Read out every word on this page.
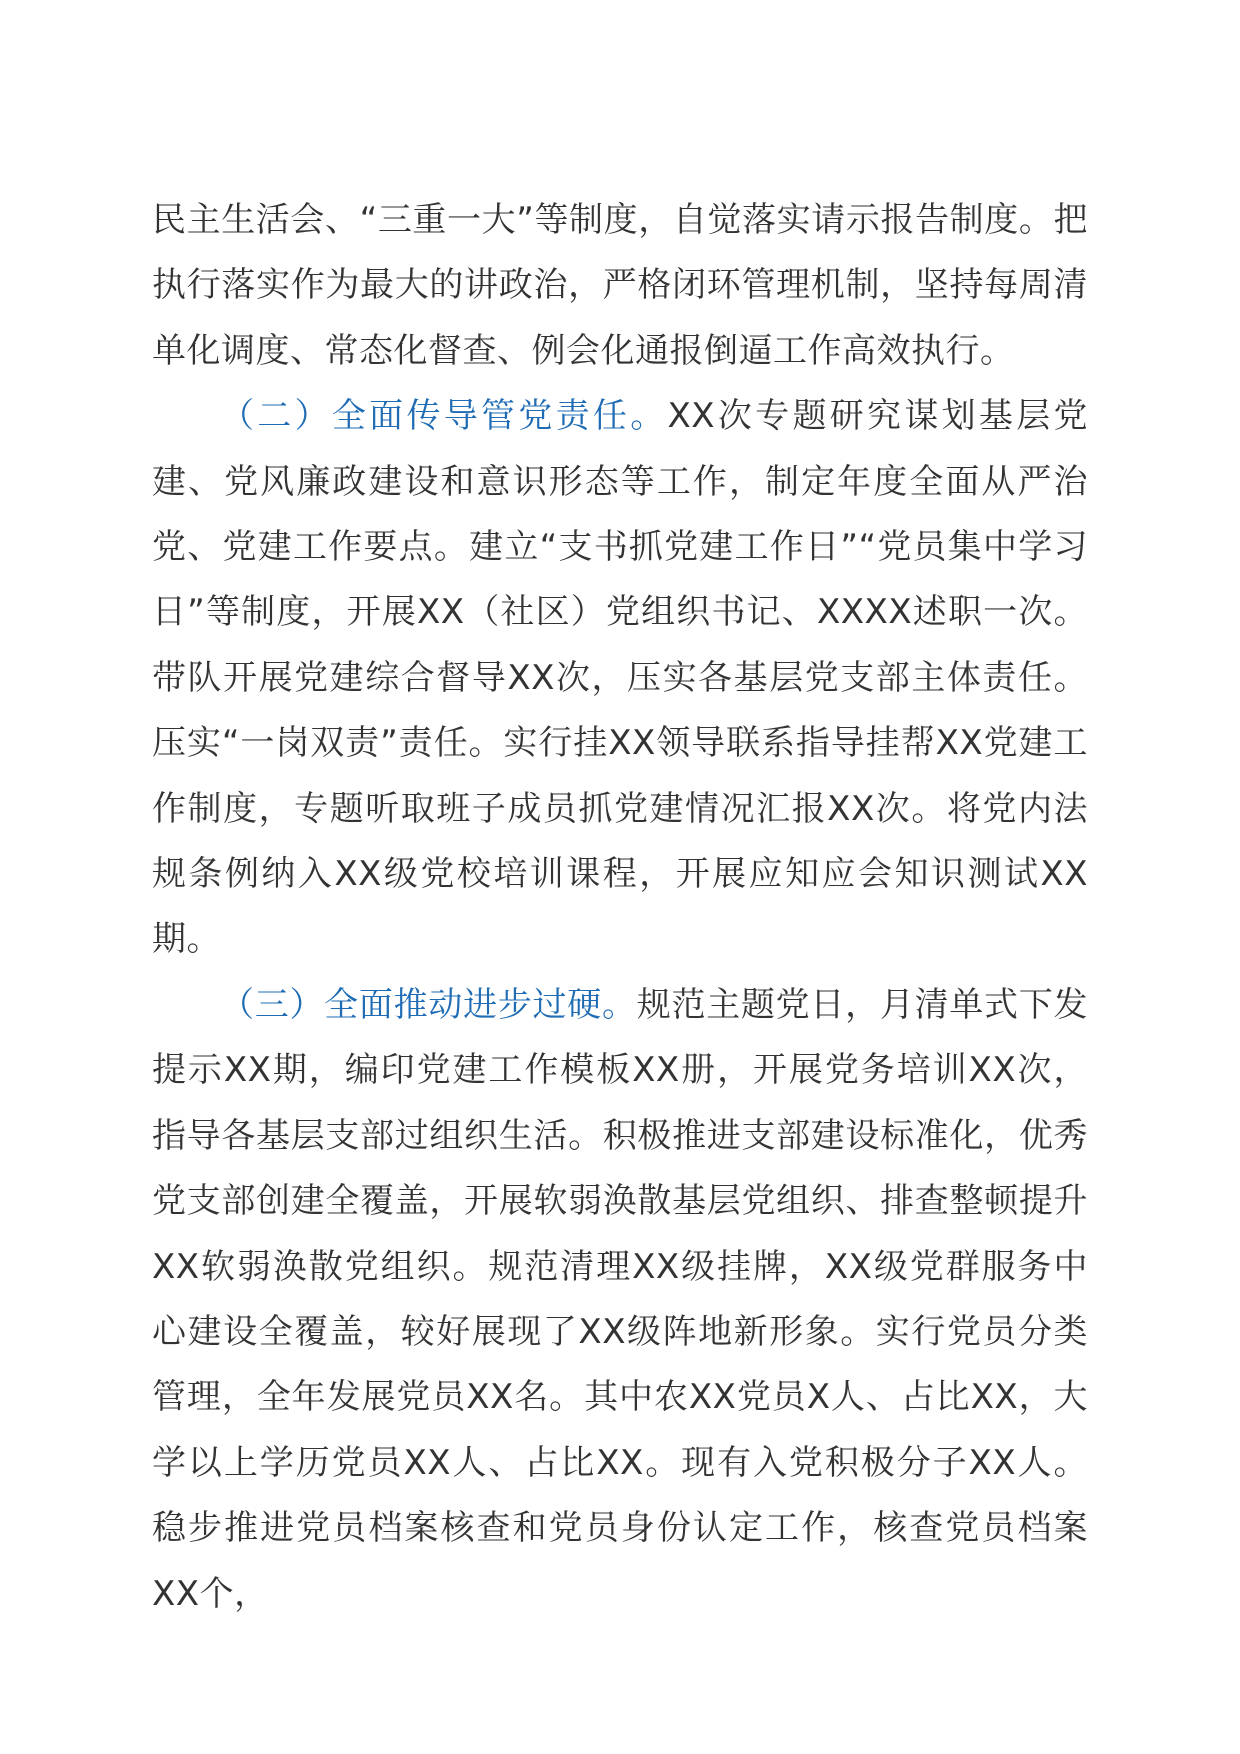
民主生活会、“三重一大”等制度，自觉落实请示报告制度。把执行落实作为最大的讲政治，严格闭环管理机制，坚持每周清单化调度、常态化督查、例会化通报倒逼工作高效执行。

（二）全面传导管党责任。XX次专题研究谋划基层党建、党风廉政建设和意识形态等工作，制定年度全面从严治党、党建工作要点。建立“支书抓党建工作日”“党员集中学习日”等制度，开展XX（社区）党组织书记、XXXX述职一次。带队开展党建综合督导XX次，压实各基层党支部主体责任。压实“一岗双责”责任。实行挂XX领导联系指导挂帮XX党建工作制度，专题听取班子成员抓党建情况汇报XX次。将党内法规条例纳入XX级党校培训课程，开展应知应会知识测试XX期。

（三）全面推动进步过硬。规范主题党日，月清单式下发提示XX期，编印党建工作模板XX册，开展党务培训XX次，指导各基层支部过组织生活。积极推进支部建设标准化，优秀党支部创建全覆盖，开展软弱涣散基层党组织、排查整顿提升XX软弱涣散党组织。规范清理XX级挂牌，XX级党群服务中心建设全覆盖，较好展现了XX级阵地新形象。实行党员分类管理，全年发展党员XX名。其中农XX党员X人、占比XX，大学以上学历党员XX人、占比XX。现有入党积极分子XX人。稳步推进党员档案核查和党员身份认定工作，核查党员档案XX个，
